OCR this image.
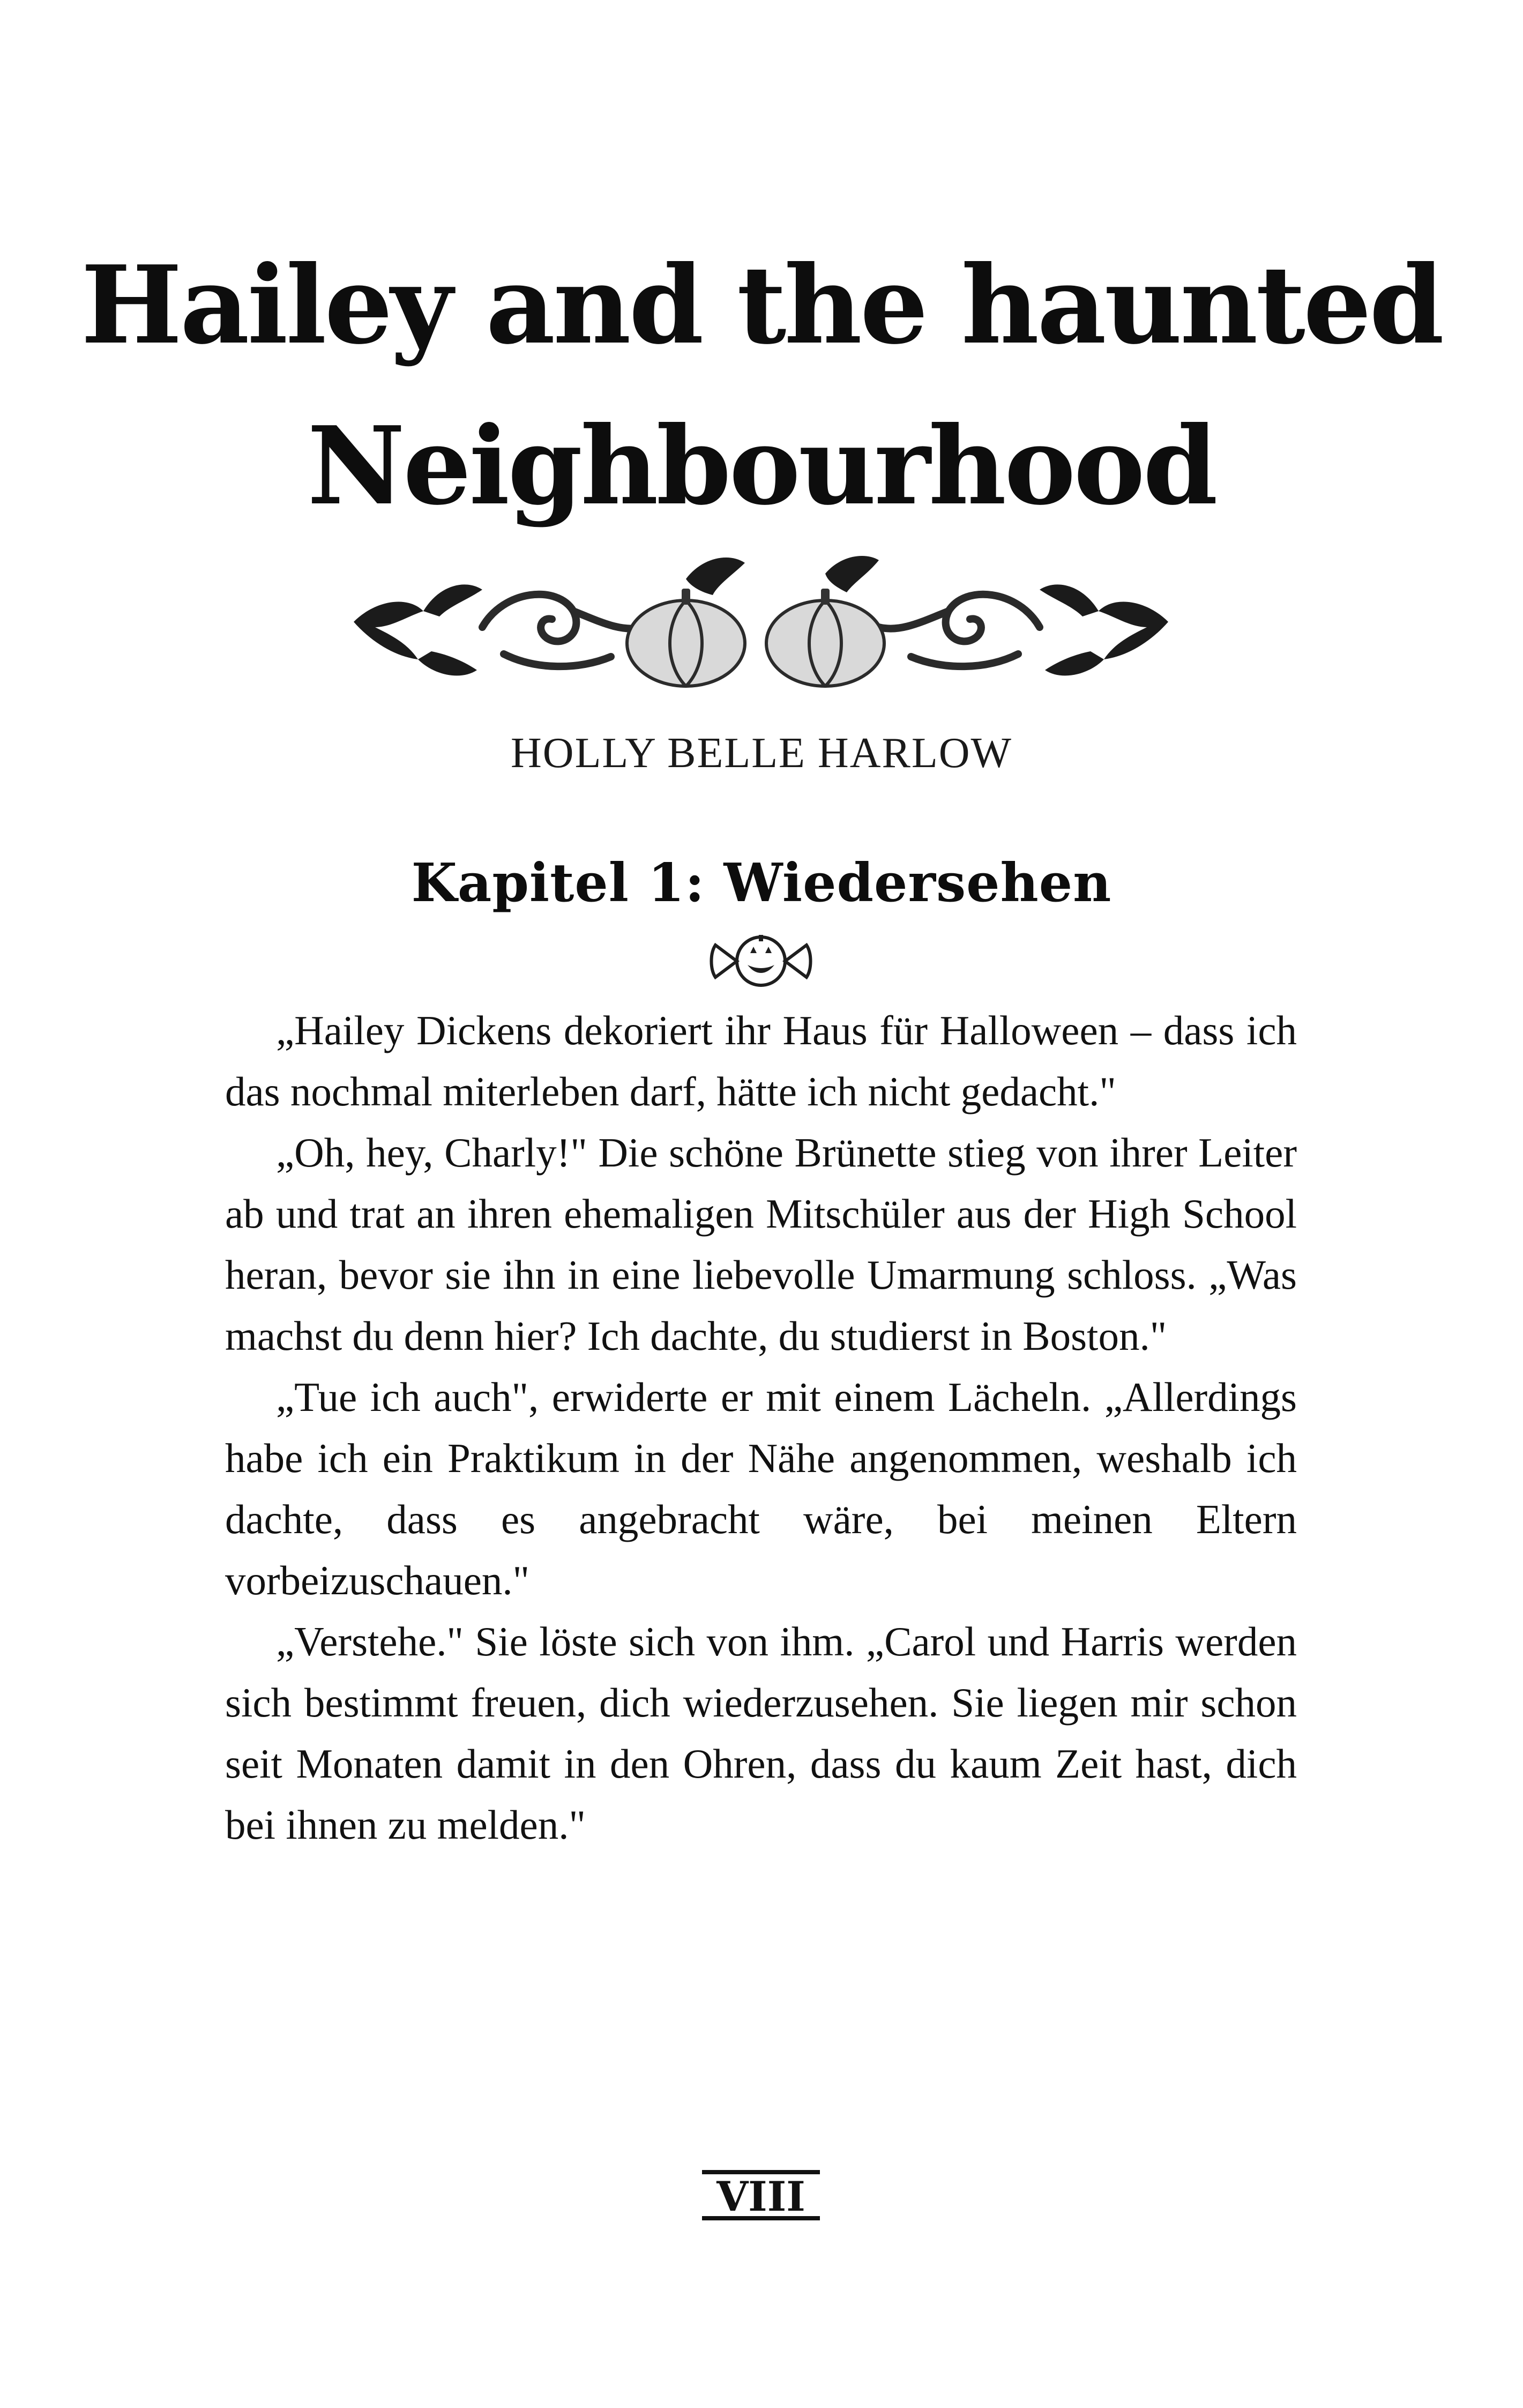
Hailey and the haunted
Neighbourhood
HOLLY BELLE HARLOW
Kapitel 1: Wiedersehen

„Hailey Dickens dekoriert ihr Haus für Halloween – dass ich das nochmal miterleben darf, hätte ich nicht gedacht."

„Oh, hey, Charly!" Die schöne Brünette stieg von ihrer Leiter ab und trat an ihren ehemaligen Mitschüler aus der High School heran, bevor sie ihn in eine liebevolle Umarmung schloss. „Was machst du denn hier? Ich dachte, du studierst in Boston."

„Tue ich auch", erwiderte er mit einem Lächeln. „Allerdings habe ich ein Praktikum in der Nähe angenommen, weshalb ich dachte, dass es angebracht wäre, bei meinen Eltern vorbeizuschauen."

„Verstehe." Sie löste sich von ihm. „Carol und Harris werden sich bestimmt freuen, dich wiederzusehen. Sie liegen mir schon seit Monaten damit in den Ohren, dass du kaum Zeit hast, dich bei ihnen zu melden."

VIII
